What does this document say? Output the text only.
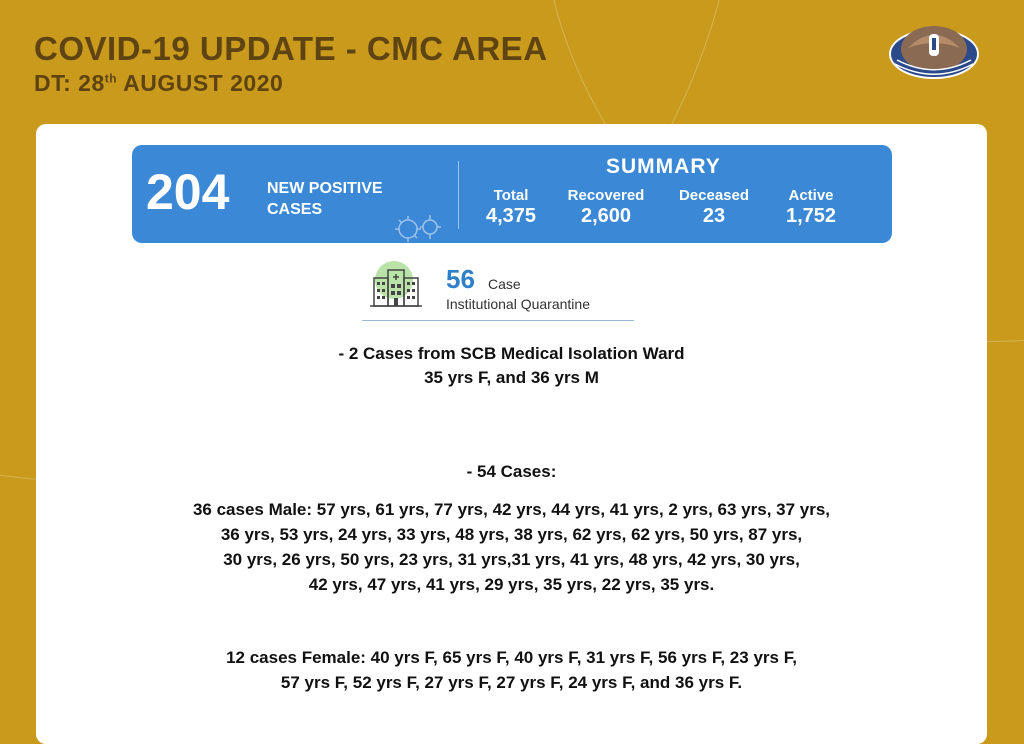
COVID-19 UPDATE - CMC AREA
DT: 28th AUGUST 2020
204 NEW POSITIVE CASES
SUMMARY
Total
4,375
Recovered
2,600
Deceased
23
Active
1,752
56 Case
Institutional Quarantine
- 2 Cases from SCB Medical Isolation Ward
35 yrs F, and 36 yrs M
- 54 Cases:
36 cases Male: 57 yrs, 61 yrs, 77 yrs, 42 yrs, 44 yrs, 41 yrs, 2 yrs, 63 yrs, 37 yrs,
36 yrs, 53 yrs, 24 yrs, 33 yrs, 48 yrs, 38 yrs, 62 yrs, 62 yrs, 50 yrs, 87 yrs,
30 yrs, 26 yrs, 50 yrs, 23 yrs, 31 yrs,31 yrs, 41 yrs, 48 yrs, 42 yrs, 30 yrs,
42 yrs, 47 yrs, 41 yrs, 29 yrs, 35 yrs, 22 yrs, 35 yrs.
12 cases Female: 40 yrs F, 65 yrs F, 40 yrs F, 31 yrs F, 56 yrs F, 23 yrs F,
57 yrs F, 52 yrs F, 27 yrs F, 27 yrs F, 24 yrs F, and 36 yrs F.
